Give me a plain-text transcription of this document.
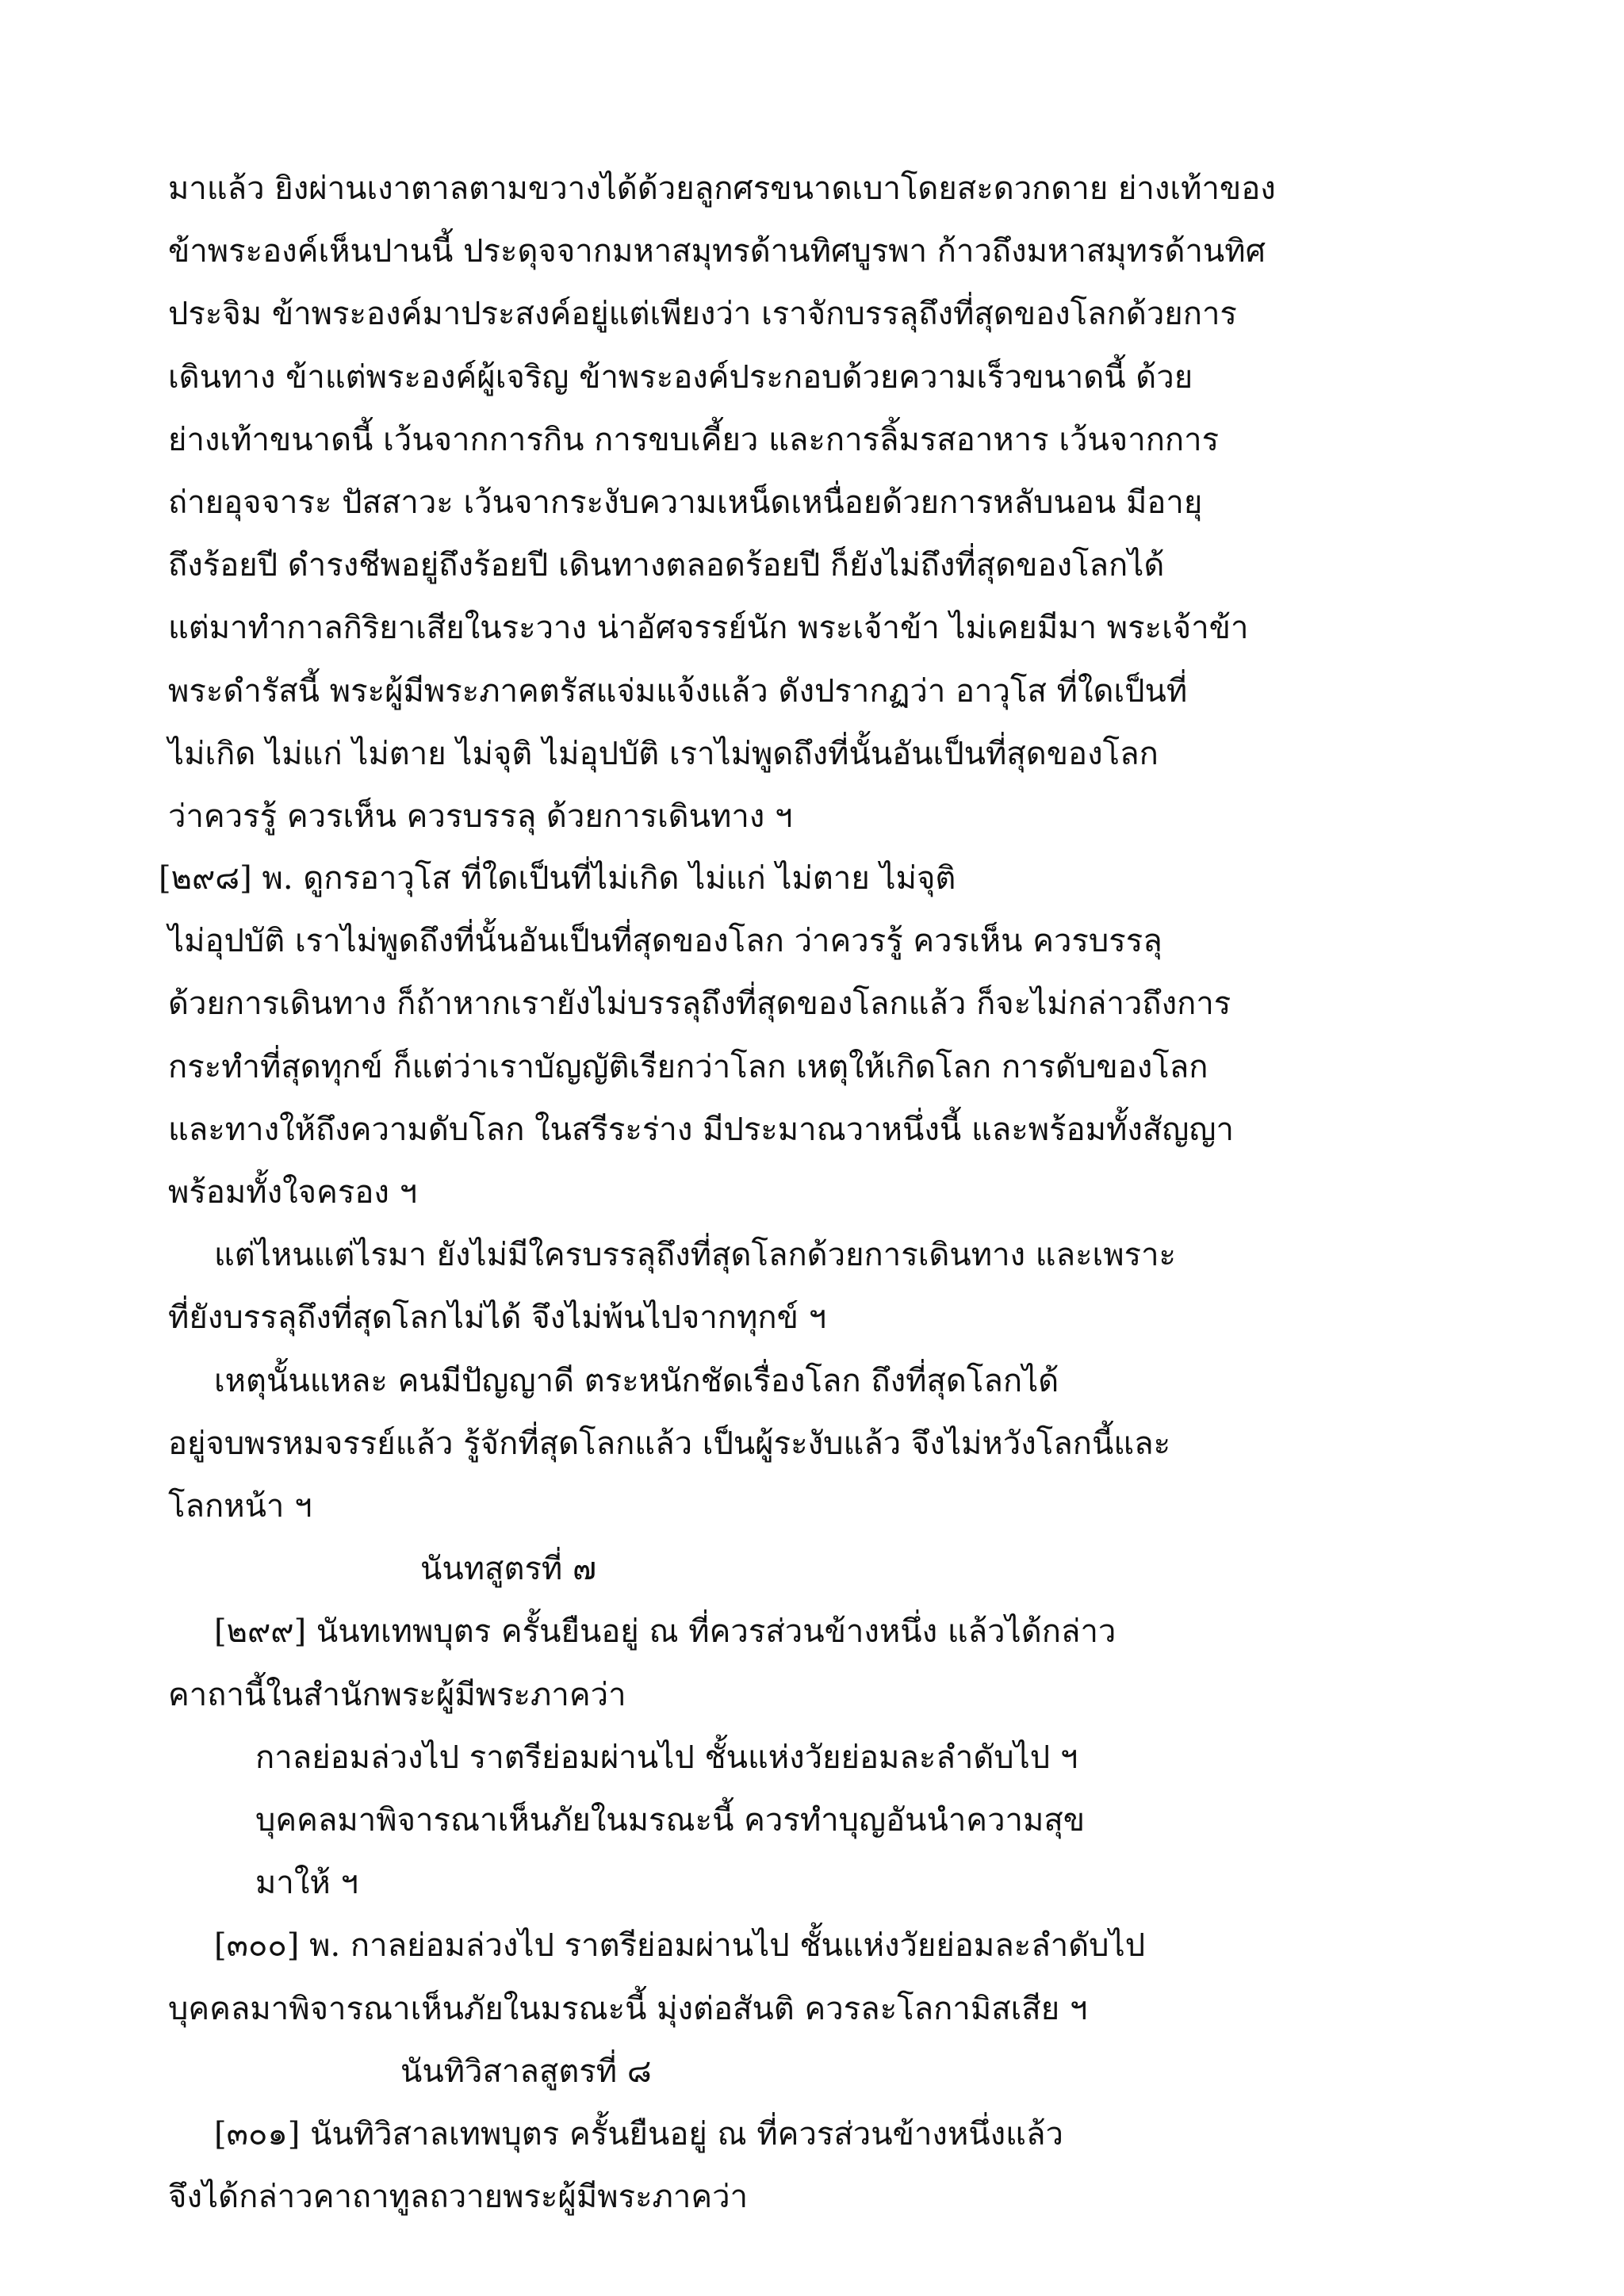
มาแล้ว ยิงผ่านเงาตาลตามขวางได้ด้วยลูกศรขนาดเบาโดยสะดวกดาย ย่างเท้าของ
ข้าพระองค์เห็นปานนี้ ประดุจจากมหาสมุทรด้านทิศบูรพา ก้าวถึงมหาสมุทรด้านทิศ
ประจิม ข้าพระองค์มาประสงค์อยู่แต่เพียงว่า เราจักบรรลุถึงที่สุดของโลกด้วยการ
เดินทาง ข้าแต่พระองค์ผู้เจริญ ข้าพระองค์ประกอบด้วยความเร็วขนาดนี้ ด้วย
ย่างเท้าขนาดนี้ เว้นจากการกิน การขบเคี้ยว และการลิ้มรสอาหาร เว้นจากการ
ถ่ายอุจจาระ ปัสสาวะ เว้นจากระงับความเหน็ดเหนื่อยด้วยการหลับนอน มีอายุ
ถึงร้อยปี ดำรงชีพอยู่ถึงร้อยปี เดินทางตลอดร้อยปี ก็ยังไม่ถึงที่สุดของโลกได้
แต่มาทำกาลกิริยาเสียในระวาง น่าอัศจรรย์นัก พระเจ้าข้า ไม่เคยมีมา พระเจ้าข้า
พระดำรัสนี้ พระผู้มีพระภาคตรัสแจ่มแจ้งแล้ว ดังปรากฏว่า อาวุโส ที่ใดเป็นที่
ไม่เกิด ไม่แก่ ไม่ตาย ไม่จุติ ไม่อุปบัติ เราไม่พูดถึงที่นั้นอันเป็นที่สุดของโลก
ว่าควรรู้ ควรเห็น ควรบรรลุ ด้วยการเดินทาง ฯ
[๒๙๘] พ. ดูกรอาวุโส ที่ใดเป็นที่ไม่เกิด ไม่แก่ ไม่ตาย ไม่จุติ
ไม่อุปบัติ เราไม่พูดถึงที่นั้นอันเป็นที่สุดของโลก ว่าควรรู้ ควรเห็น ควรบรรลุ
ด้วยการเดินทาง ก็ถ้าหากเรายังไม่บรรลุถึงที่สุดของโลกแล้ว ก็จะไม่กล่าวถึงการ
กระทำที่สุดทุกข์ ก็แต่ว่าเราบัญญัติเรียกว่าโลก เหตุให้เกิดโลก การดับของโลก
และทางให้ถึงความดับโลก ในสรีระร่าง มีประมาณวาหนึ่งนี้ และพร้อมทั้งสัญญา
พร้อมทั้งใจครอง ฯ
แต่ไหนแต่ไรมา ยังไม่มีใครบรรลุถึงที่สุดโลกด้วยการเดินทาง และเพราะ
ที่ยังบรรลุถึงที่สุดโลกไม่ได้ จึงไม่พ้นไปจากทุกข์ ฯ
เหตุนั้นแหละ คนมีปัญญาดี ตระหนักชัดเรื่องโลก ถึงที่สุดโลกได้
อยู่จบพรหมจรรย์แล้ว รู้จักที่สุดโลกแล้ว เป็นผู้ระงับแล้ว จึงไม่หวังโลกนี้และ
โลกหน้า ฯ
นันทสูตรที่ ๗
[๒๙๙] นันทเทพบุตร ครั้นยืนอยู่ ณ ที่ควรส่วนข้างหนึ่ง แล้วได้กล่าว
คาถานี้ในสำนักพระผู้มีพระภาคว่า
กาลย่อมล่วงไป ราตรีย่อมผ่านไป ชั้นแห่งวัยย่อมละลำดับไป ฯ
บุคคลมาพิจารณาเห็นภัยในมรณะนี้ ควรทำบุญอันนำความสุข
มาให้ ฯ
[๓๐๐] พ. กาลย่อมล่วงไป ราตรีย่อมผ่านไป ชั้นแห่งวัยย่อมละลำดับไป
บุคคลมาพิจารณาเห็นภัยในมรณะนี้ มุ่งต่อสันติ ควรละโลกามิสเสีย ฯ
นันทิวิสาลสูตรที่ ๘
[๓๐๑] นันทิวิสาลเทพบุตร ครั้นยืนอยู่ ณ ที่ควรส่วนข้างหนึ่งแล้ว
จึงได้กล่าวคาถาทูลถวายพระผู้มีพระภาคว่า
